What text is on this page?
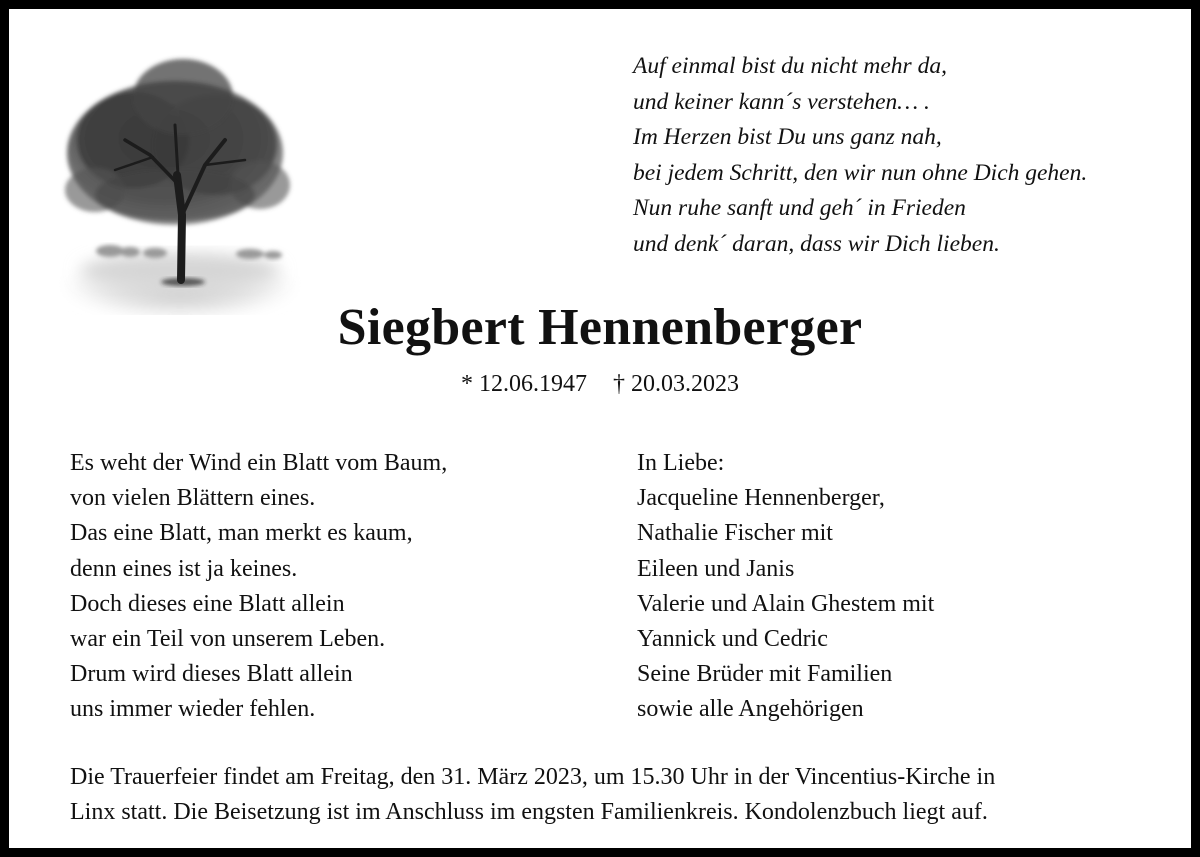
Auf einmal bist du nicht mehr da,
und keiner kann´s verstehen… .
Im Herzen bist Du uns ganz nah,
bei jedem Schritt, den wir nun ohne Dich gehen.
Nun ruhe sanft und geh´ in Frieden
und denk´ daran, dass wir Dich lieben.
Siegbert Hennenberger
* 12.06.1947 † 20.03.2023
Es weht der Wind ein Blatt vom Baum,
von vielen Blättern eines.
Das eine Blatt, man merkt es kaum,
denn eines ist ja keines.
Doch dieses eine Blatt allein
war ein Teil von unserem Leben.
Drum wird dieses Blatt allein
uns immer wieder fehlen.
In Liebe:
Jacqueline Hennenberger,
Nathalie Fischer mit
Eileen und Janis
Valerie und Alain Ghestem mit
Yannick und Cedric
Seine Brüder mit Familien
sowie alle Angehörigen
Die Trauerfeier findet am Freitag, den 31. März 2023, um 15.30 Uhr in der Vincentius-Kirche in
Linx statt. Die Beisetzung ist im Anschluss im engsten Familienkreis. Kondolenzbuch liegt auf.
